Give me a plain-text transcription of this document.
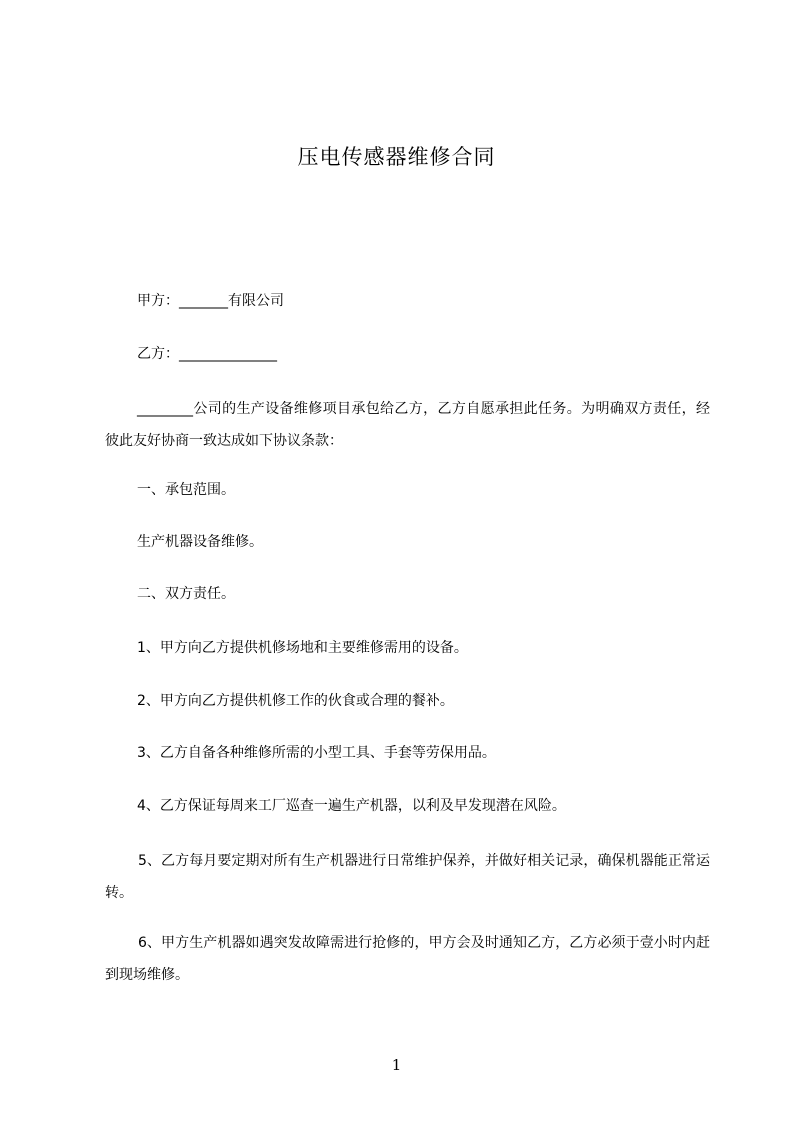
压电传感器维修合同
甲方：_______有限公司
乙方：______________
________公司的生产设备维修项目承包给乙方，乙方自愿承担此任务。为明确双方责任，经彼此友好协商一致达成如下协议条款：
一、承包范围。
生产机器设备维修。
二、双方责任。
1、甲方向乙方提供机修场地和主要维修需用的设备。
2、甲方向乙方提供机修工作的伙食或合理的餐补。
3、乙方自备各种维修所需的小型工具、手套等劳保用品。
4、乙方保证每周来工厂巡查一遍生产机器，以利及早发现潜在风险。
5、乙方每月要定期对所有生产机器进行日常维护保养，并做好相关记录，确保机器能正常运转。
6、甲方生产机器如遇突发故障需进行抢修的，甲方会及时通知乙方，乙方必须于壹小时内赶到现场维修。
1
